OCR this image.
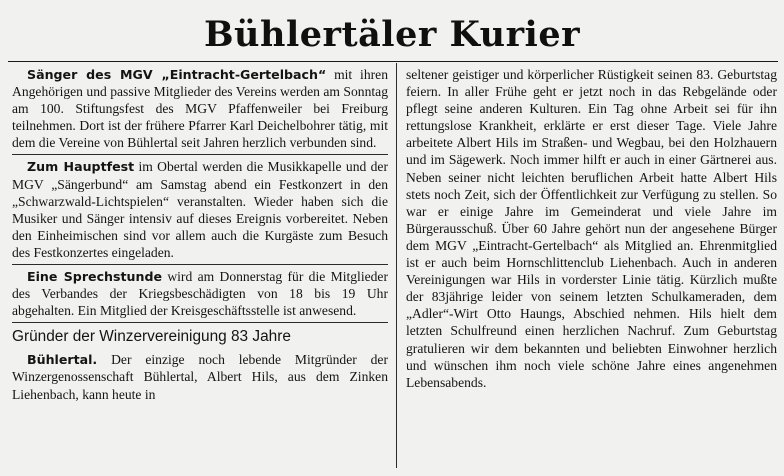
Bühlertäler Kurier

Sänger des MGV „Eintracht-Gertelbach“ mit ihren Angehörigen und passive Mitglieder des Vereins werden am Sonntag am 100. Stiftungsfest des MGV Pfaffenweiler bei Freiburg teilnehmen. Dort ist der frühere Pfarrer Karl Deichelbohrer tätig, mit dem die Vereine von Bühlertal seit Jahren herzlich verbunden sind.

Zum Hauptfest im Obertal werden die Musikkapelle und der MGV „Sängerbund“ am Samstag abend ein Festkonzert in den „Schwarzwald-Lichtspielen“ veranstalten. Wieder haben sich die Musiker und Sänger intensiv auf dieses Ereignis vorbereitet. Neben den Einheimischen sind vor allem auch die Kurgäste zum Besuch des Festkonzertes eingeladen.

Eine Sprechstunde wird am Donnerstag für die Mitglieder des Verbandes der Kriegsbeschädigten von 18 bis 19 Uhr abgehalten. Ein Mitglied der Kreisgeschäftsstelle ist anwesend.

Gründer der Winzervereinigung 83 Jahre

Bühlertal. Der einzige noch lebende Mitgründer der Winzergenossenschaft Bühlertal, Albert Hils, aus dem Zinken Liehenbach, kann heute in

seltener geistiger und körperlicher Rüstigkeit seinen 83. Geburtstag feiern. In aller Frühe geht er jetzt noch in das Rebgelände oder pflegt seine anderen Kulturen. Ein Tag ohne Arbeit sei für ihn rettungslose Krankheit, erklärte er erst dieser Tage. Viele Jahre arbeitete Albert Hils im Straßen- und Wegbau, bei den Holzhauern und im Sägewerk. Noch immer hilft er auch in einer Gärtnerei aus. Neben seiner nicht leichten beruflichen Arbeit hatte Albert Hils stets noch Zeit, sich der Öffentlichkeit zur Verfügung zu stellen. So war er einige Jahre im Gemeinderat und viele Jahre im Bürgerausschuß. Über 60 Jahre gehört nun der angesehene Bürger dem MGV „Eintracht-Gertelbach“ als Mitglied an. Ehrenmitglied ist er auch beim Hornschlittenclub Liehenbach. Auch in anderen Vereinigungen war Hils in vorderster Linie tätig. Kürzlich mußte der 83jährige leider von seinem letzten Schulkameraden, dem „Adler“-Wirt Otto Haungs, Abschied nehmen. Hils hielt dem letzten Schulfreund einen herzlichen Nachruf. Zum Geburtstag gratulieren wir dem bekannten und beliebten Einwohner herzlich und wünschen ihm noch viele schöne Jahre eines angenehmen Lebensabends.
